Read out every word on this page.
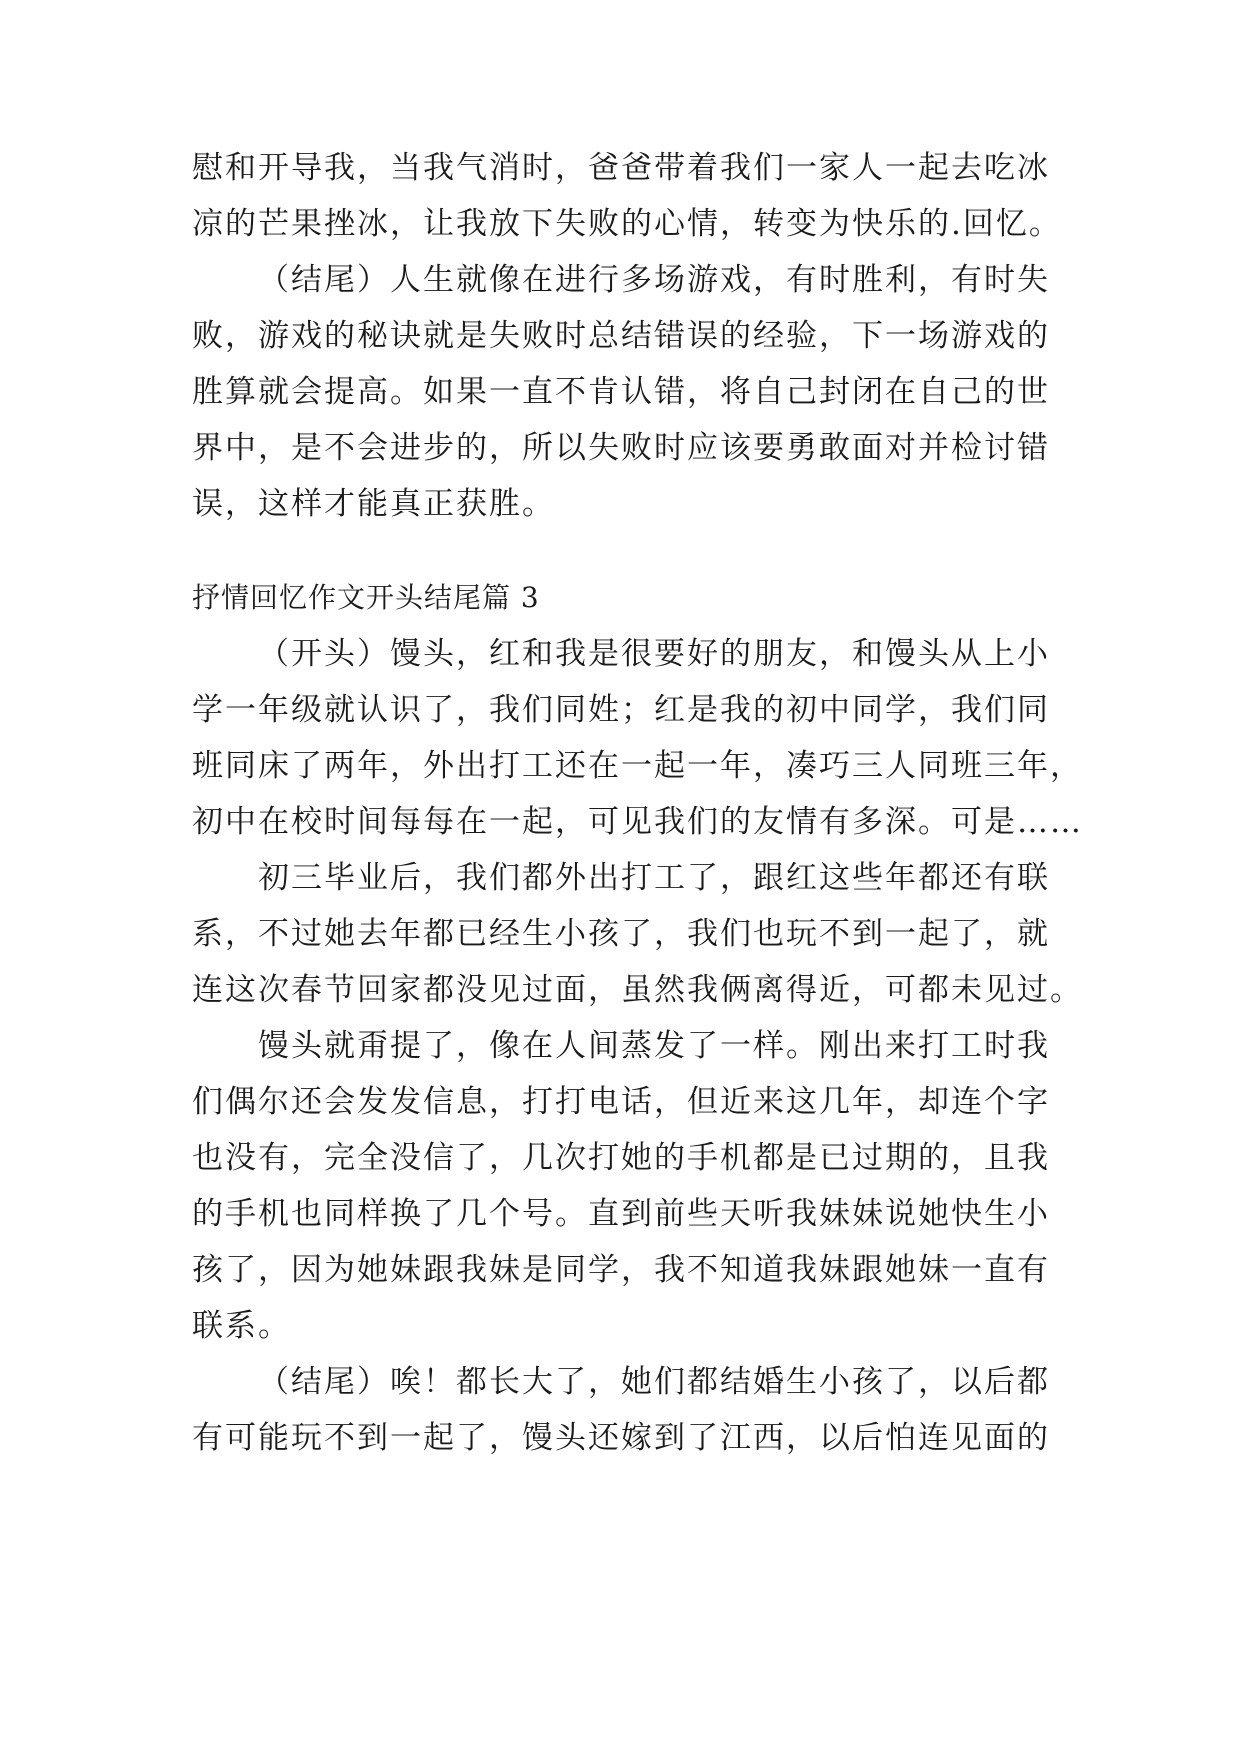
慰和开导我，当我气消时，爸爸带着我们一家人一起去吃冰
凉的芒果挫冰，让我放下失败的心情，转变为快乐的.回忆。
（结尾）人生就像在进行多场游戏，有时胜利，有时失
败，游戏的秘诀就是失败时总结错误的经验，下一场游戏的
胜算就会提高。如果一直不肯认错，将自己封闭在自己的世
界中，是不会进步的，所以失败时应该要勇敢面对并检讨错
误，这样才能真正获胜。
抒情回忆作文开头结尾篇 3
（开头）馒头，红和我是很要好的朋友，和馒头从上小
学一年级就认识了，我们同姓；红是我的初中同学，我们同
班同床了两年，外出打工还在一起一年，凑巧三人同班三年，
初中在校时间每每在一起，可见我们的友情有多深。可是……
初三毕业后，我们都外出打工了，跟红这些年都还有联
系，不过她去年都已经生小孩了，我们也玩不到一起了，就
连这次春节回家都没见过面，虽然我俩离得近，可都未见过。
馒头就甭提了，像在人间蒸发了一样。刚出来打工时我
们偶尔还会发发信息，打打电话，但近来这几年，却连个字
也没有，完全没信了，几次打她的手机都是已过期的，且我
的手机也同样换了几个号。直到前些天听我妹妹说她快生小
孩了，因为她妹跟我妹是同学，我不知道我妹跟她妹一直有
联系。
（结尾）唉！都长大了，她们都结婚生小孩了，以后都
有可能玩不到一起了，馒头还嫁到了江西，以后怕连见面的
